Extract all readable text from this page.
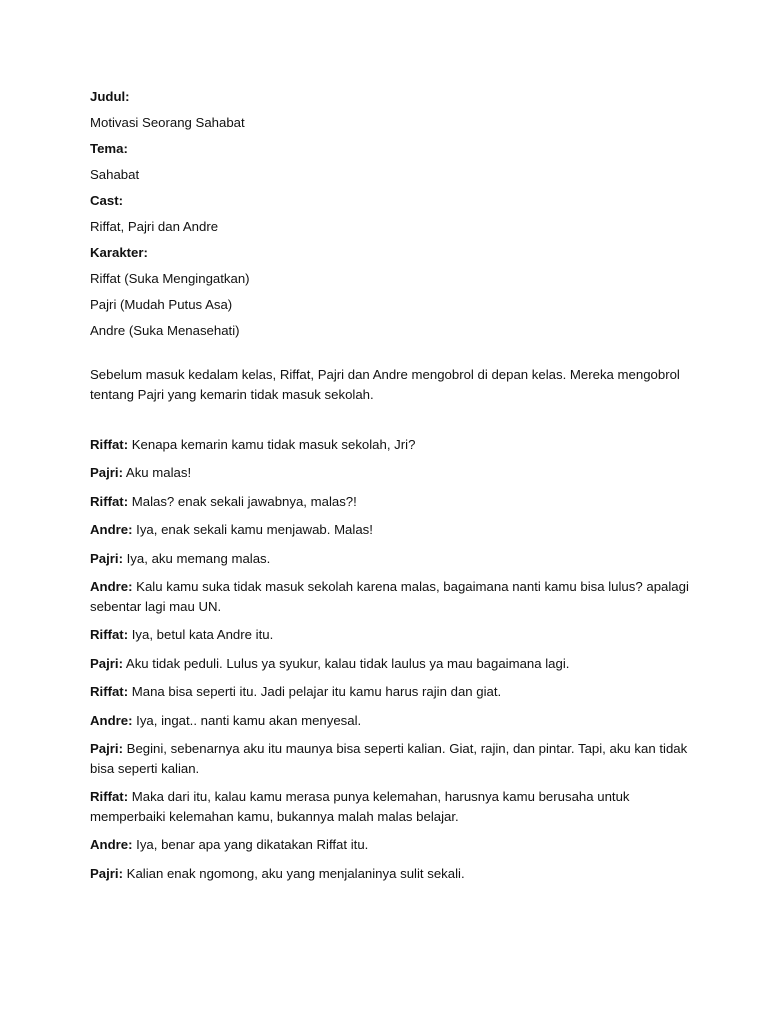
Judul:

Motivasi Seorang Sahabat

Tema:

Sahabat

Cast:

Riffat, Pajri dan Andre

Karakter:

Riffat (Suka Mengingatkan)

Pajri (Mudah Putus Asa)

Andre (Suka Menasehati)

Sebelum masuk kedalam kelas, Riffat, Pajri dan Andre mengobrol di depan kelas. Mereka mengobrol tentang Pajri yang kemarin tidak masuk sekolah.

Riffat: Kenapa kemarin kamu tidak masuk sekolah, Jri?

Pajri: Aku malas!

Riffat: Malas? enak sekali jawabnya, malas?!

Andre: Iya, enak sekali kamu menjawab. Malas!

Pajri: Iya, aku memang malas.

Andre: Kalu kamu suka tidak masuk sekolah karena malas, bagaimana nanti kamu bisa lulus? apalagi sebentar lagi mau UN.

Riffat: Iya, betul kata Andre itu.

Pajri: Aku tidak peduli. Lulus ya syukur, kalau tidak laulus ya mau bagaimana lagi.

Riffat: Mana bisa seperti itu. Jadi pelajar itu kamu harus rajin dan giat.

Andre: Iya, ingat.. nanti kamu akan menyesal.

Pajri: Begini, sebenarnya aku itu maunya bisa seperti kalian. Giat, rajin, dan pintar. Tapi, aku kan tidak bisa seperti kalian.

Riffat: Maka dari itu, kalau kamu merasa punya kelemahan, harusnya kamu berusaha untuk memperbaiki kelemahan kamu, bukannya malah malas belajar.

Andre: Iya, benar apa yang dikatakan Riffat itu.

Pajri: Kalian enak ngomong, aku yang menjalaninya sulit sekali.
